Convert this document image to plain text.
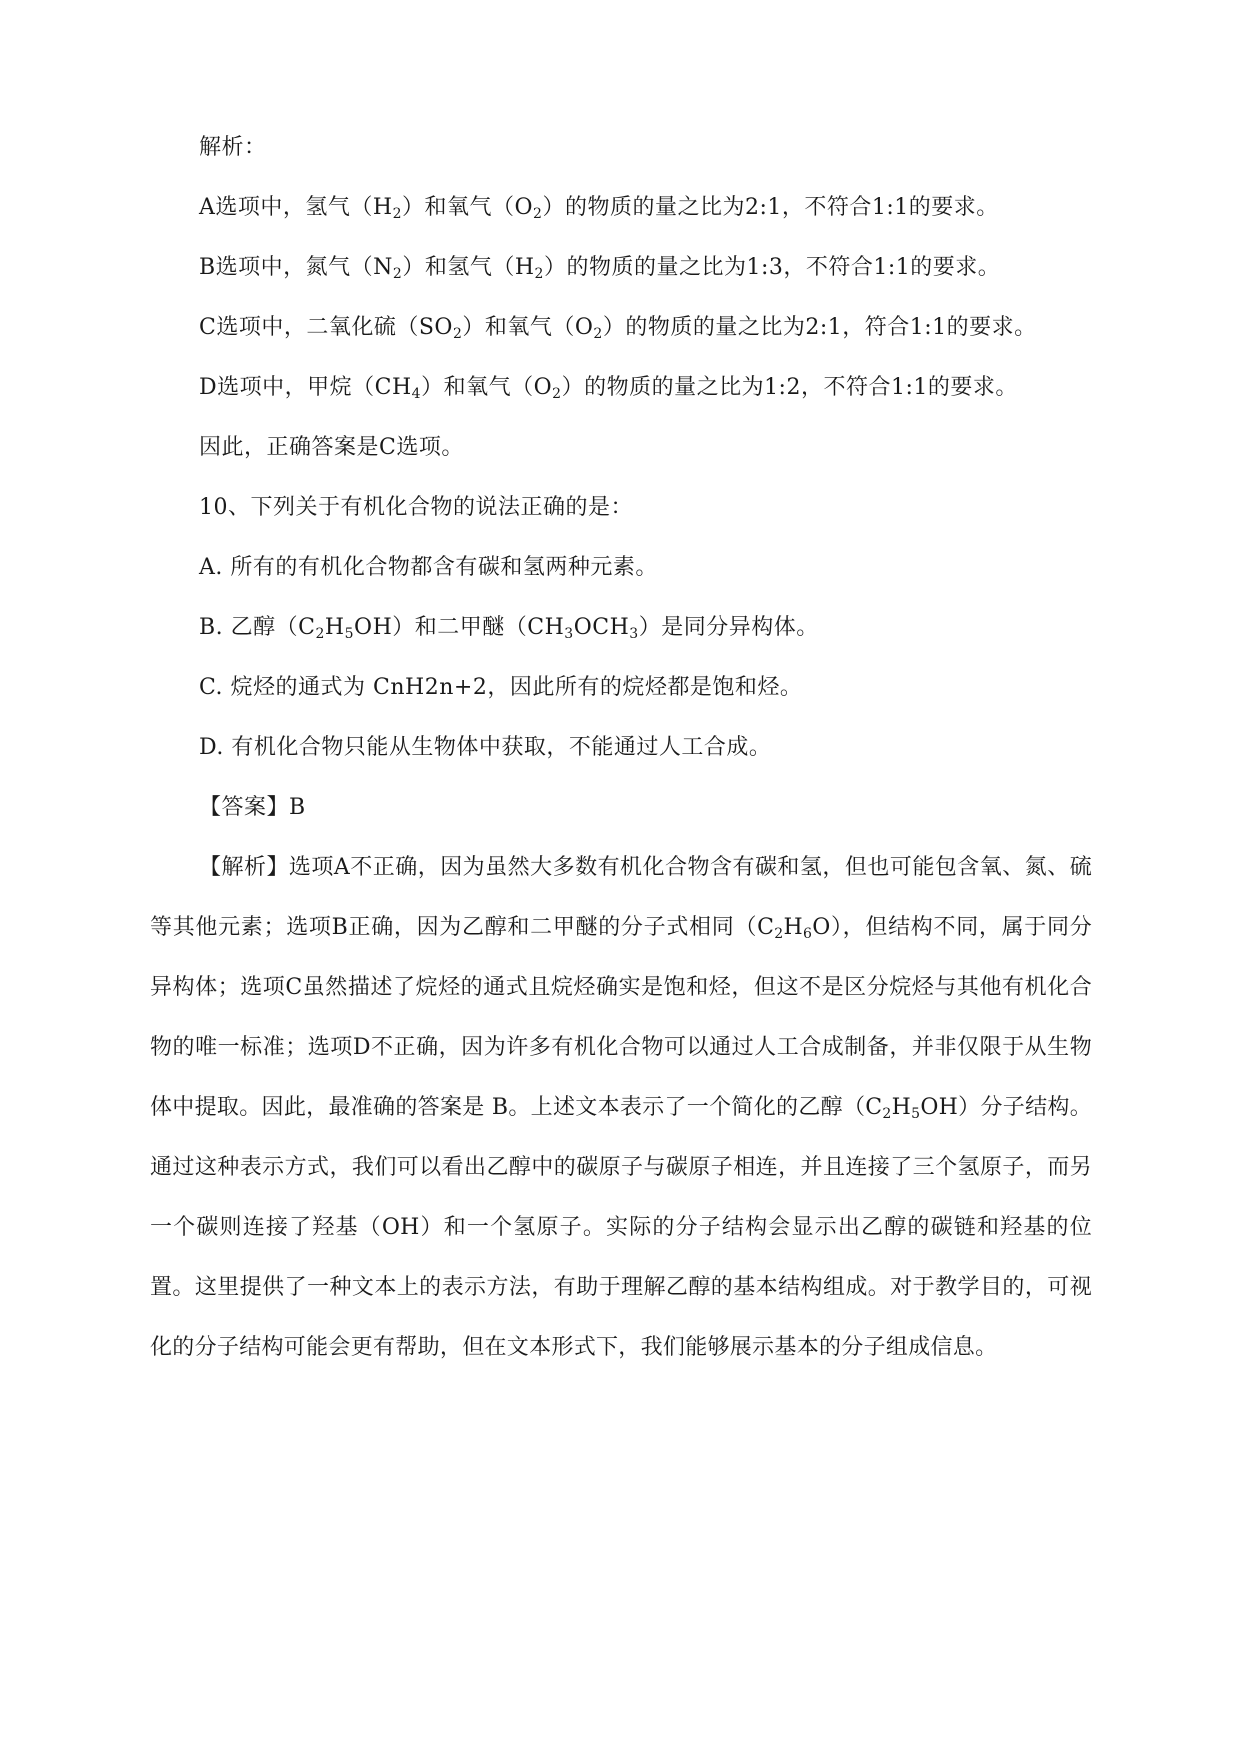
解析：
A选项中，氢气$(H_2)$和氧气$(O_2)$的物质的量之比为2:1，不符合1:1的要求。
B选项中，氮气$(N_2)$和氢气$(H_2)$的物质的量之比为1:3，不符合1:1的要求。
C选项中，二氧化硫$(SO_2)$和氧气$(O_2)$的物质的量之比为2:1，符合1:1的要求。
D选项中，甲烷$(CH_4)$和氧气$(O_2)$的物质的量之比为1:2，不符合1:1的要求。
因此，正确答案是C选项。
10、下列关于有机化合物的说法正确的是：
A. 所有的有机化合物都含有碳和氢两种元素。
B. 乙醇$(C_2H_5OH)$和二甲醚$(CH_3OCH_3)$是同分异构体。
C. 烷烃的通式为 CnH2n+2，因此所有的烷烃都是饱和烃。
D. 有机化合物只能从生物体中获取，不能通过人工合成。
【答案】B
【解析】选项A不正确，因为虽然大多数有机化合物含有碳和氢，但也可能包含氧、氮、硫等其他元素；选项B正确，因为乙醇和二甲醚的分子式相同$(C_2H_6O)$，但结构不同，属于同分异构体；选项C虽然描述了烷烃的通式且烷烃确实是饱和烃，但这不是区分烷烃与其他有机化合物的唯一标准；选项D不正确，因为许多有机化合物可以通过人工合成制备，并非仅限于从生物体中提取。因此，最准确的答案是 B。上述文本表示了一个简化的乙醇$(C_2H_5OH)$分子结构。通过这种表示方式，我们可以看出乙醇中的碳原子与碳原子相连，并且连接了三个氢原子，而另一个碳则连接了羟基（OH）和一个氢原子。实际的分子结构会显示出乙醇的碳链和羟基的位置。这里提供了一种文本上的表示方法，有助于理解乙醇的基本结构组成。对于教学目的，可视化的分子结构可能会更有帮助，但在文本形式下，我们能够展示基本的分子组成信息。
